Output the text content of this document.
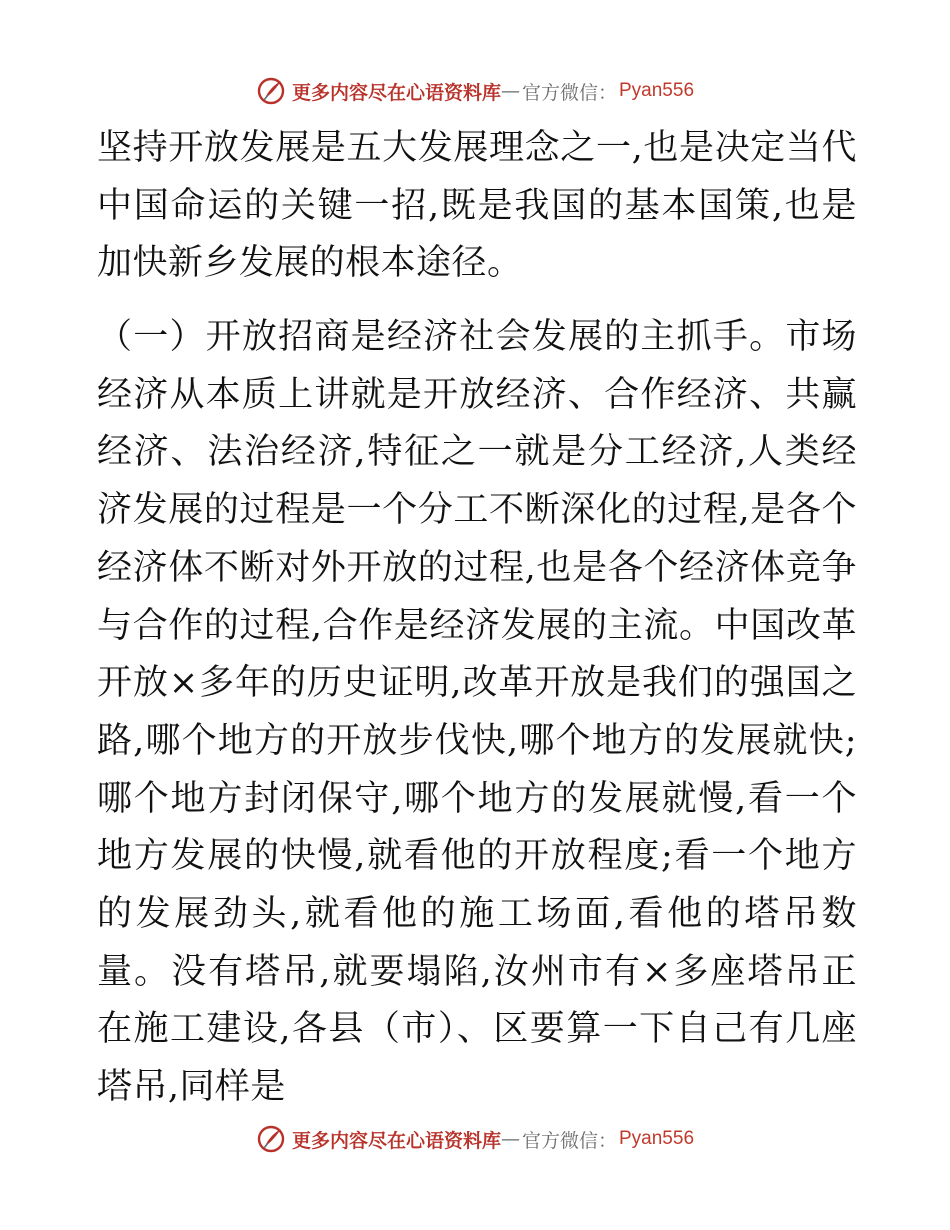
更多内容尽在心语资料库 — 官方微信： Pyan556

坚持开放发展是五大发展理念之一,也是决定当代中国命运的关键一招,既是我国的基本国策,也是加快新乡发展的根本途径。

（一）开放招商是经济社会发展的主抓手。市场经济从本质上讲就是开放经济、合作经济、共赢经济、法治经济,特征之一就是分工经济,人类经济发展的过程是一个分工不断深化的过程,是各个经济体不断对外开放的过程,也是各个经济体竞争与合作的过程,合作是经济发展的主流。中国改革开放×多年的历史证明,改革开放是我们的强国之路,哪个地方的开放步伐快,哪个地方的发展就快;哪个地方封闭保守,哪个地方的发展就慢,看一个地方发展的快慢,就看他的开放程度;看一个地方的发展劲头,就看他的施工场面,看他的塔吊数量。没有塔吊,就要塌陷,汝州市有×多座塔吊正在施工建设,各县（市）、区要算一下自己有几座塔吊,同样是

更多内容尽在心语资料库 — 官方微信： Pyan556
